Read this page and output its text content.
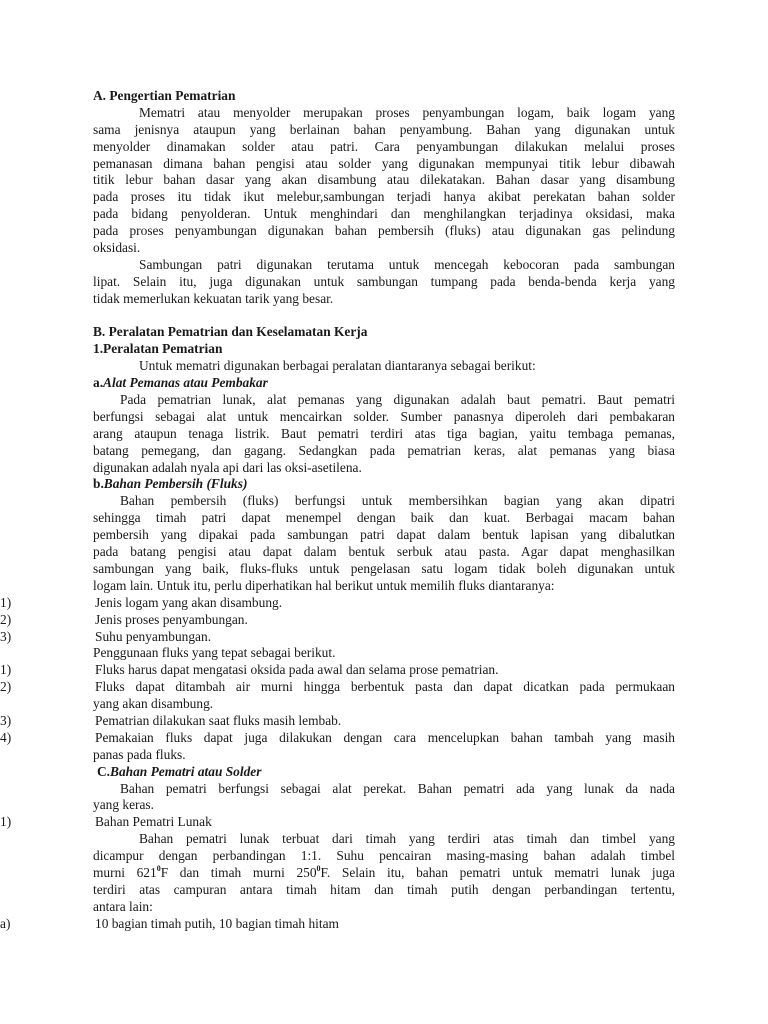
A. Pengertian Pematrian
Mematri atau menyolder merupakan proses penyambungan logam, baik logam yang
sama jenisnya ataupun yang berlainan bahan penyambung. Bahan yang digunakan untuk
menyolder dinamakan solder atau patri. Cara penyambungan dilakukan melalui proses
pemanasan dimana bahan pengisi atau solder yang digunakan mempunyai titik lebur dibawah
titik lebur bahan dasar yang akan disambung atau dilekatakan. Bahan dasar yang disambung
pada proses itu tidak ikut melebur,sambungan terjadi hanya akibat perekatan bahan solder
pada bidang penyolderan. Untuk menghindari dan menghilangkan terjadinya oksidasi, maka
pada proses penyambungan digunakan bahan pembersih (fluks) atau digunakan gas pelindung
oksidasi.
Sambungan patri digunakan terutama untuk mencegah kebocoran pada sambungan
lipat. Selain itu, juga digunakan untuk sambungan tumpang pada benda-benda kerja yang
tidak memerlukan kekuatan tarik yang besar.
B. Peralatan Pematrian dan Keselamatan Kerja
1.Peralatan Pematrian
Untuk mematri digunakan berbagai peralatan diantaranya sebagai berikut:
a.Alat Pemanas atau Pembakar
Pada pematrian lunak, alat pemanas yang digunakan adalah baut pematri. Baut pematri
berfungsi sebagai alat untuk mencairkan solder. Sumber panasnya diperoleh dari pembakaran
arang ataupun tenaga listrik. Baut pematri terdiri atas tiga bagian, yaitu tembaga pemanas,
batang pemegang, dan gagang. Sedangkan pada pematrian keras, alat pemanas yang biasa
digunakan adalah nyala api dari las oksi-asetilena.
b.Bahan Pembersih (Fluks)
Bahan pembersih (fluks) berfungsi untuk membersihkan bagian yang akan dipatri
sehingga timah patri dapat menempel dengan baik dan kuat. Berbagai macam bahan
pembersih yang dipakai pada sambungan patri dapat dalam bentuk lapisan yang dibalutkan
pada batang pengisi atau dapat dalam bentuk serbuk atau pasta. Agar dapat menghasilkan
sambungan yang baik, fluks-fluks untuk pengelasan satu logam tidak boleh digunakan untuk
logam lain. Untuk itu, perlu diperhatikan hal berikut untuk memilih fluks diantaranya:
1)	Jenis logam yang akan disambung.
2)	Jenis proses penyambungan.
3)	Suhu penyambungan.
Penggunaan fluks yang tepat sebagai berikut.
1)	Fluks harus dapat mengatasi oksida pada awal dan selama prose pematrian.
2)	Fluks dapat ditambah air murni hingga berbentuk pasta dan dapat dicatkan pada permukaan
yang akan disambung.
3)	Pematrian dilakukan saat fluks masih lembab.
4)	Pemakaian fluks dapat juga dilakukan dengan cara mencelupkan bahan tambah yang masih
panas pada fluks.
C.Bahan Pematri atau Solder
Bahan pematri berfungsi sebagai alat perekat. Bahan pematri ada yang lunak da nada
yang keras.
1)	Bahan Pematri Lunak
Bahan pematri lunak terbuat dari timah yang terdiri atas timah dan timbel yang
dicampur dengan perbandingan 1:1. Suhu pencairan masing-masing bahan adalah timbel
murni $621^0F$ dan timah murni $250^0F$. Selain itu, bahan pematri untuk mematri lunak juga
terdiri atas campuran antara timah hitam dan timah putih dengan perbandingan tertentu,
antara lain:
a)	10 bagian timah putih, 10 bagian timah hitam
